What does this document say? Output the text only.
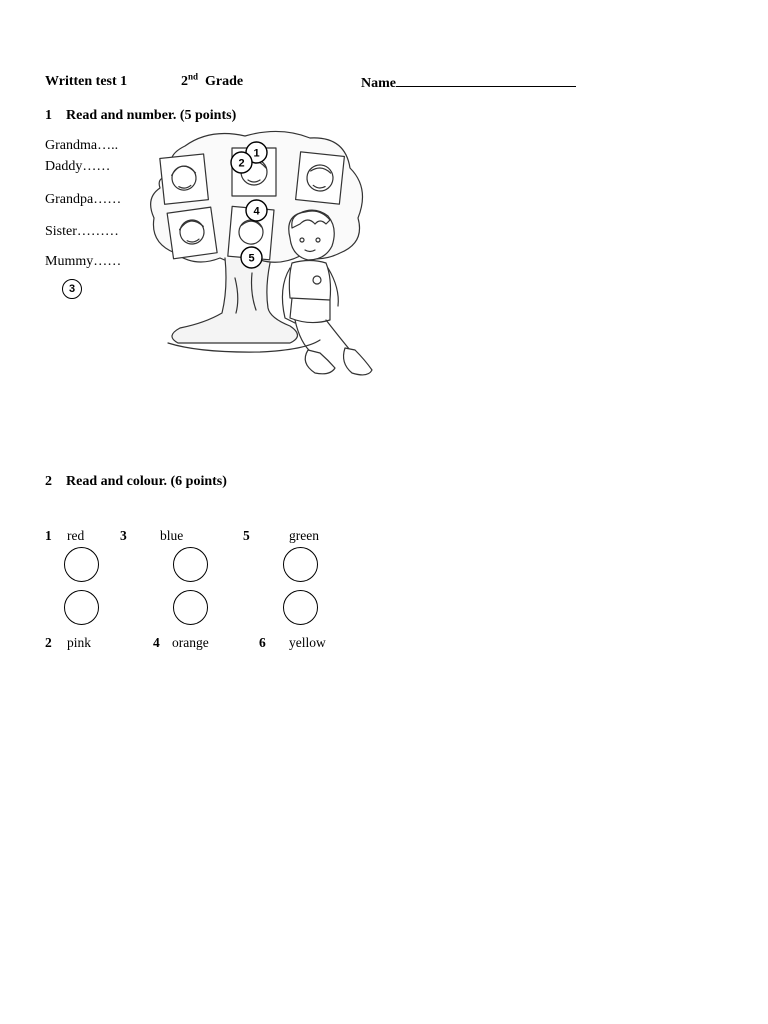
Written test 1	2nd Grade	Name
1 Read and number. (5 points)
Grandma…..
Daddy……
Grandpa……
Sister………
Mummy……
3
1
2
4
5
2 Read and colour. (6 points)
1 red	3 blue	5	green
2 pink	4 orange	6 yellow
